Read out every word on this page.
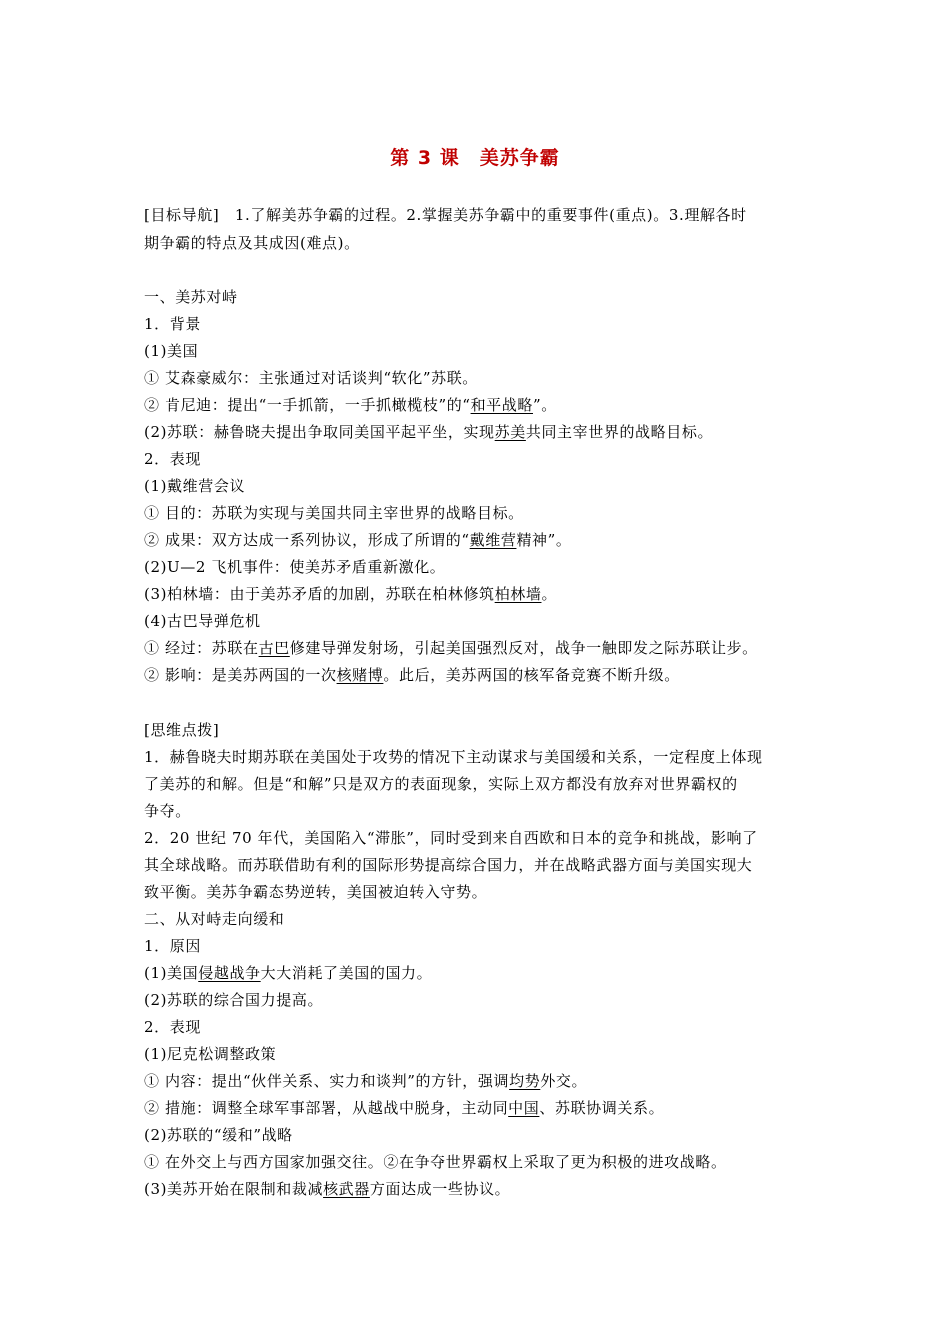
第 3 课　美苏争霸
[目标导航]　1.了解美苏争霸的过程。2.掌握美苏争霸中的重要事件(重点)。3.理解各时
期争霸的特点及其成因(难点)。
一、美苏对峙
1．背景
(1)美国
① 艾森豪威尔：主张通过对话谈判“软化”苏联。
② 肯尼迪：提出“一手抓箭，一手抓橄榄枝”的“和平战略”。
(2)苏联：赫鲁晓夫提出争取同美国平起平坐，实现苏美共同主宰世界的战略目标。
2．表现
(1)戴维营会议
① 目的：苏联为实现与美国共同主宰世界的战略目标。
② 成果：双方达成一系列协议，形成了所谓的“戴维营精神”。
(2)U—2 飞机事件：使美苏矛盾重新激化。
(3)柏林墙：由于美苏矛盾的加剧，苏联在柏林修筑柏林墙。
(4)古巴导弹危机
① 经过：苏联在古巴修建导弹发射场，引起美国强烈反对，战争一触即发之际苏联让步。
② 影响：是美苏两国的一次核赌博。此后，美苏两国的核军备竞赛不断升级。
[思维点拨]
1．赫鲁晓夫时期苏联在美国处于攻势的情况下主动谋求与美国缓和关系，一定程度上体现
了美苏的和解。但是“和解”只是双方的表面现象，实际上双方都没有放弃对世界霸权的
争夺。
2．20 世纪 70 年代，美国陷入“滞胀”，同时受到来自西欧和日本的竞争和挑战，影响了
其全球战略。而苏联借助有利的国际形势提高综合国力，并在战略武器方面与美国实现大
致平衡。美苏争霸态势逆转，美国被迫转入守势。
二、从对峙走向缓和
1．原因
(1)美国侵越战争大大消耗了美国的国力。
(2)苏联的综合国力提高。
2．表现
(1)尼克松调整政策
① 内容：提出“伙伴关系、实力和谈判”的方针，强调均势外交。
② 措施：调整全球军事部署，从越战中脱身，主动同中国、苏联协调关系。
(2)苏联的“缓和”战略
① 在外交上与西方国家加强交往。②在争夺世界霸权上采取了更为积极的进攻战略。
(3)美苏开始在限制和裁减核武器方面达成一些协议。
